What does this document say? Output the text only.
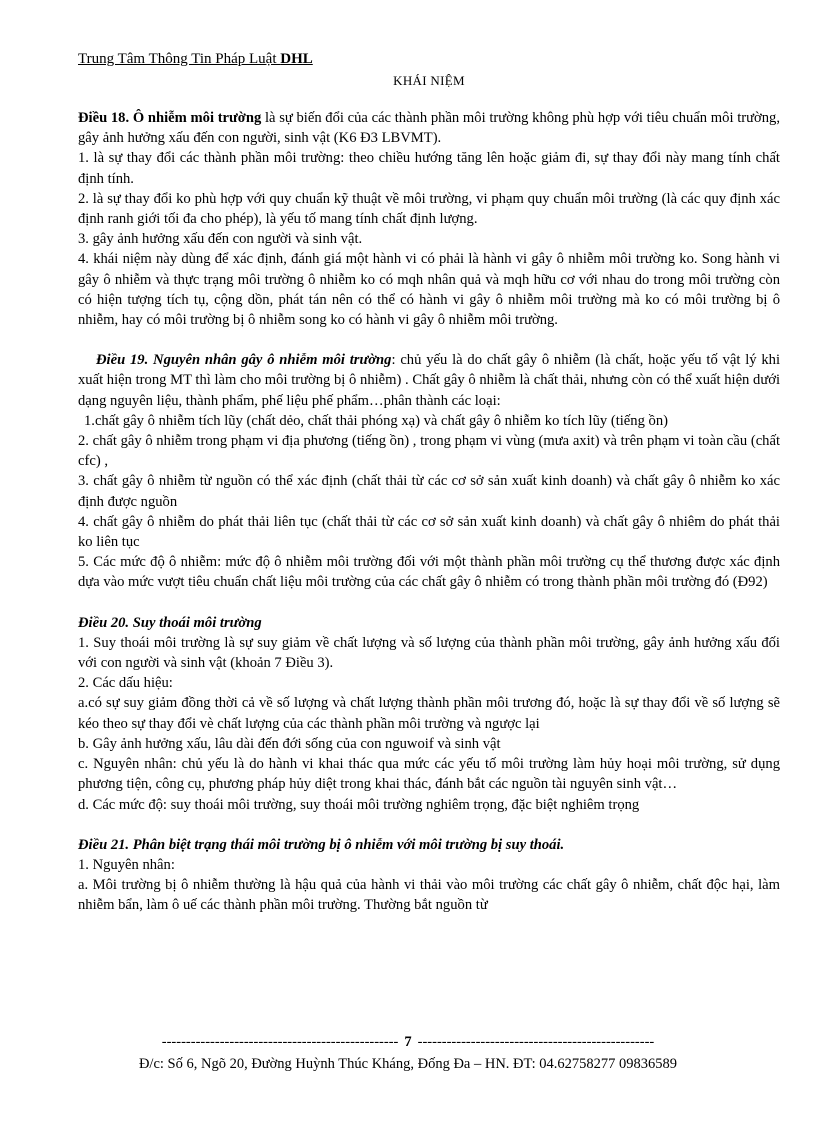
Trung Tâm Thông Tin Pháp Luật DHL

KHÁI NIỆM

Điều 18. Ô nhiễm môi trường là sự biến đổi của các thành phần môi trường không phù hợp với tiêu chuẩn môi trường, gây ảnh hưởng xấu đến con người, sinh vật (K6 Đ3 LBVMT).

1. là sự thay đổi các thành phần môi trường: theo chiều hướng tăng lên hoặc giảm đi, sự thay đổi này mang tính chất định tính.

2. là sự thay đổi ko phù hợp với quy chuẩn kỹ thuật về môi trường, vi phạm quy chuẩn môi trường (là các quy định xác định ranh giới tối đa cho phép), là yếu tố mang tính chất định lượng.

3. gây ảnh hưởng xấu đến con người và sinh vật.

4. khái niệm này dùng để xác định, đánh giá một hành vi có phải là hành vi gây ô nhiễm môi trường ko. Song hành vi gây ô nhiễm và thực trạng môi trường ô nhiễm ko có mqh nhân quả và mqh hữu cơ với nhau do trong môi trường còn có hiện tượng tích tụ, cộng dồn, phát tán nên có thể có hành vi gây ô nhiễm môi trường mà ko có môi trường bị ô nhiễm, hay có môi trường bị ô nhiễm song ko có hành vi gây ô nhiễm môi trường.

Điều 19. Nguyên nhân gây ô nhiễm môi trường: chủ yếu là do chất gây ô nhiễm (là chất, hoặc yếu tố vật lý khi xuất hiện trong MT thì làm cho môi trường bị ô nhiễm) . Chất gây ô nhiễm là chất thải, nhưng còn có thể xuất hiện dưới dạng nguyên liệu, thành phẩm, phế liệu phế phẩm…phân thành các loại:

1.chất gây ô nhiễm tích lũy (chất dẻo, chất thải phóng xạ) và chất gây ô nhiễm ko tích lũy (tiếng ồn)

2. chất gây ô nhiễm trong phạm vi địa phương (tiếng ồn) , trong phạm vi vùng (mưa axit) và trên phạm vi toàn cầu (chất cfc) ,

3. chất gây ô nhiễm từ nguồn có thể xác định (chất thải từ các cơ sở sản xuất kinh doanh) và chất gây ô nhiễm ko xác định được nguồn

4. chất gây ô nhiễm do phát thải liên tục (chất thải từ các cơ sở sản xuất kinh doanh) và chất gây ô nhiêm do phát thải ko liên tục

5. Các mức độ ô nhiễm: mức độ ô nhiễm môi trường đối với một thành phần môi trường cụ thể thương được xác định dựa vào mức vượt tiêu chuẩn chất liệu môi trường của các chất gây ô nhiễm có trong thành phần môi trường đó (Đ92)

Điều 20. Suy thoái môi trường

1. Suy thoái môi trường là sự suy giảm về chất lượng và số lượng của thành phần môi trường, gây ảnh hưởng xấu đối với con người và sinh vật (khoản 7 Điều 3).

2. Các dấu hiệu:

a.có sự suy giảm đồng thời cả về số lượng và chất lượng thành phần môi trương đó, hoặc là sự thay đổi về số lượng sẽ kéo theo sự thay đổi vè chất lượng của các thành phần môi trường và ngược lại

b. Gây ảnh hưởng xấu, lâu dài đến đới sống của con nguwoif và sinh vật

c. Nguyên nhân: chủ yếu là do hành vi khai thác qua mức các yếu tố môi trường làm hủy hoại môi trường, sử dụng phương tiện, công cụ, phương pháp hủy diệt trong khai thác, đánh bắt các nguồn tài nguyên sinh vật…

d. Các mức độ: suy thoái môi trường, suy thoái môi trường nghiêm trọng, đặc biệt nghiêm trọng

Điều 21. Phân biệt trạng thái môi trường bị ô nhiễm với môi trường bị suy thoái.

1. Nguyên nhân:

a. Môi trường bị ô nhiễm thường là hậu quả của hành vi thải vào môi trường các chất gây ô nhiễm, chất độc hại, làm nhiễm bẩn, làm ô uế các thành phần môi trường. Thường bắt nguồn từ

------------------------------------------------- 7 -------------------------------------------------
Đ/c: Số 6, Ngõ 20, Đường Huỳnh Thúc Kháng, Đống Đa – HN. ĐT: 04.62758277 09836589
